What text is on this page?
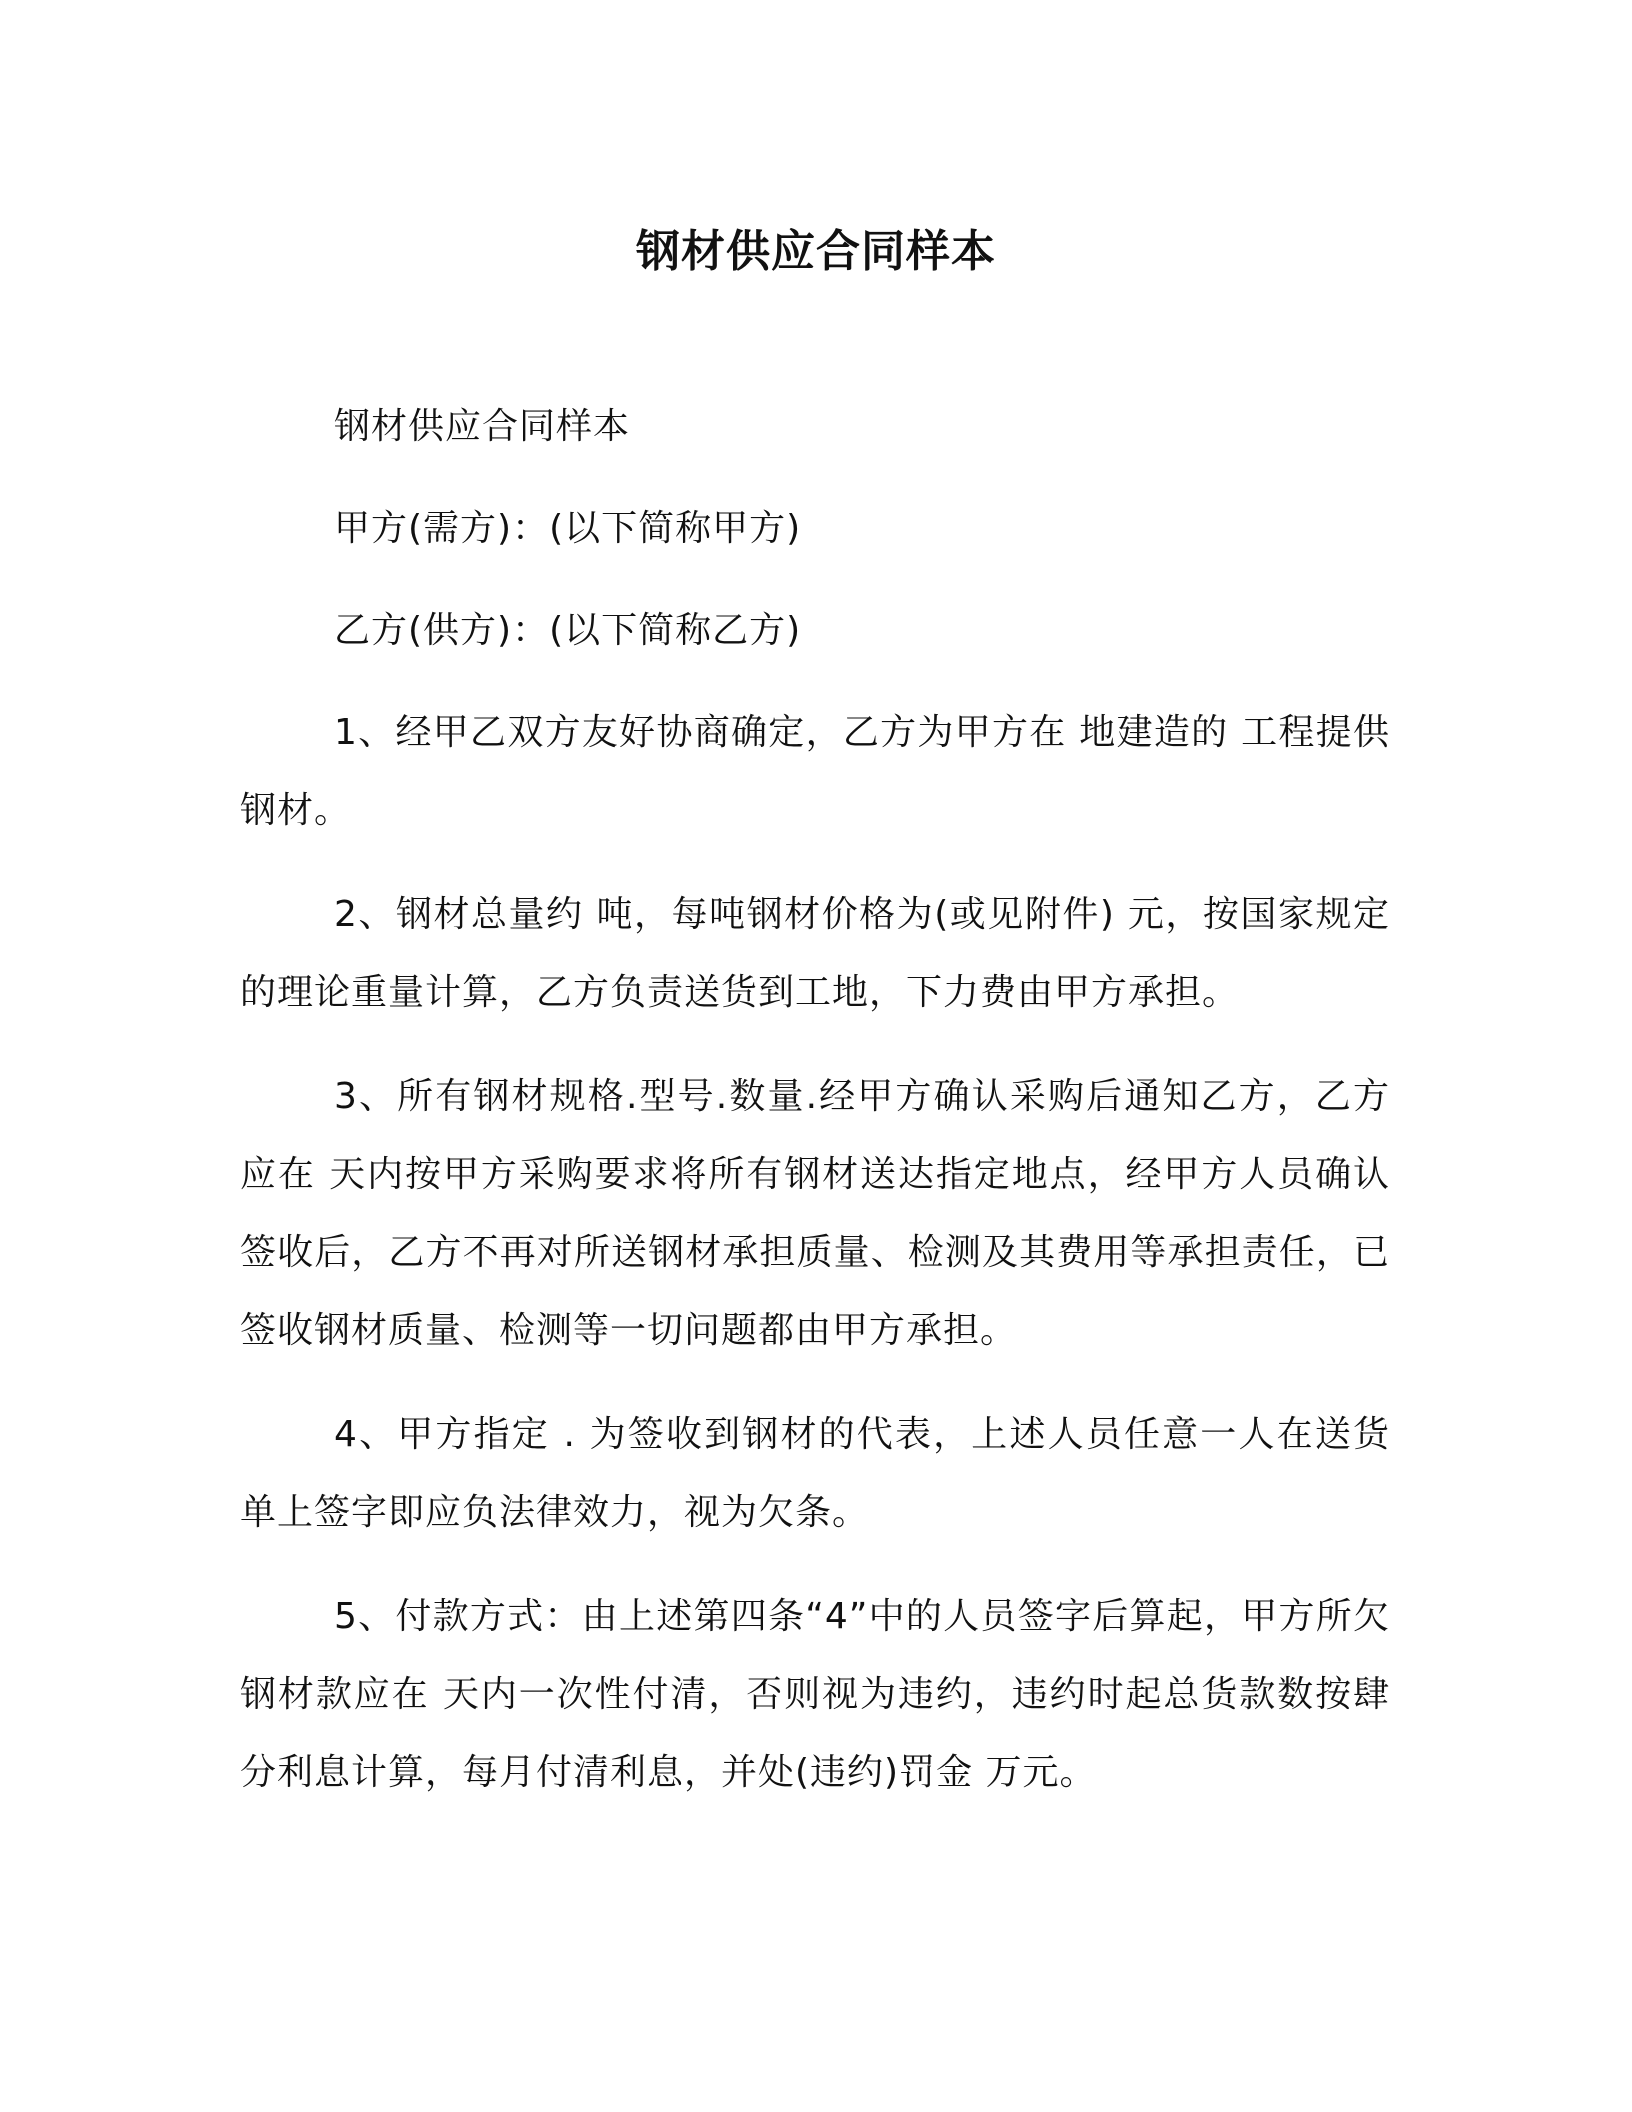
钢材供应合同样本

钢材供应合同样本

甲方(需方)：(以下简称甲方)

乙方(供方)：(以下简称乙方)

1、经甲乙双方友好协商确定，乙方为甲方在 地建造的 工程提供钢材。

2、钢材总量约 吨，每吨钢材价格为(或见附件) 元，按国家规定的理论重量计算，乙方负责送货到工地，下力费由甲方承担。

3、所有钢材规格.型号.数量.经甲方确认采购后通知乙方，乙方应在 天内按甲方采购要求将所有钢材送达指定地点，经甲方人员确认签收后，乙方不再对所送钢材承担质量、检测及其费用等承担责任，已签收钢材质量、检测等一切问题都由甲方承担。

4、甲方指定 . 为签收到钢材的代表，上述人员任意一人在送货单上签字即应负法律效力，视为欠条。

5、付款方式：由上述第四条“4”中的人员签字后算起，甲方所欠钢材款应在 天内一次性付清，否则视为违约，违约时起总货款数按肆分利息计算，每月付清利息，并处(违约)罚金 万元。
